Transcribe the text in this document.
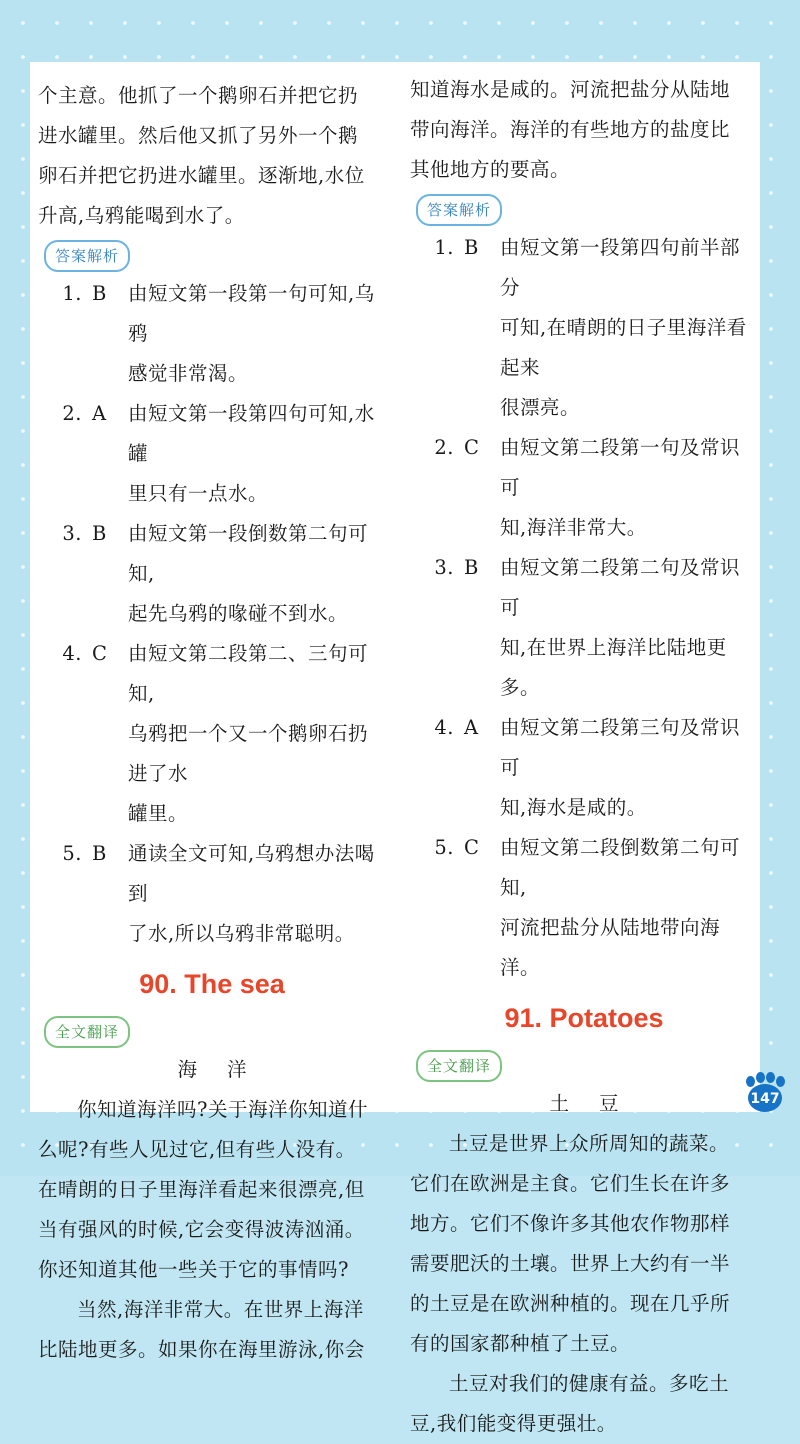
个主意。他抓了一个鹅卵石并把它扔

进水罐里。然后他又抓了另外一个鹅

卵石并把它扔进水罐里。逐渐地,水位

升高,乌鸦能喝到水了。

答案解析
1. B	由短文第一段第一句可知,乌鸦
感觉非常渴。
2. A	由短文第一段第四句可知,水罐
里只有一点水。
3. B	由短文第一段倒数第二句可知,
起先乌鸦的喙碰不到水。
4. C	由短文第二段第二、三句可知,
乌鸦把一个又一个鹅卵石扔进了水
罐里。
5. B	通读全文可知,乌鸦想办法喝到
了水,所以乌鸦非常聪明。
90. The sea
全文翻译
海洋

你知道海洋吗?关于海洋你知道什

么呢?有些人见过它,但有些人没有。

在晴朗的日子里海洋看起来很漂亮,但

当有强风的时候,它会变得波涛汹涌。

你还知道其他一些关于它的事情吗?

当然,海洋非常大。在世界上海洋

比陆地更多。如果你在海里游泳,你会

知道海水是咸的。河流把盐分从陆地

带向海洋。海洋的有些地方的盐度比

其他地方的要高。

答案解析
1. B	由短文第一段第四句前半部分
可知,在晴朗的日子里海洋看起来
很漂亮。
2. C	由短文第二段第一句及常识可
知,海洋非常大。
3. B	由短文第二段第二句及常识可
知,在世界上海洋比陆地更多。
4. A	由短文第二段第三句及常识可
知,海水是咸的。
5. C	由短文第二段倒数第二句可知,
河流把盐分从陆地带向海洋。
91. Potatoes
全文翻译
土豆

土豆是世界上众所周知的蔬菜。

它们在欧洲是主食。它们生长在许多

地方。它们不像许多其他农作物那样

需要肥沃的土壤。世界上大约有一半

的土豆是在欧洲种植的。现在几乎所

有的国家都种植了土豆。

土豆对我们的健康有益。多吃土

豆,我们能变得更强壮。

147
